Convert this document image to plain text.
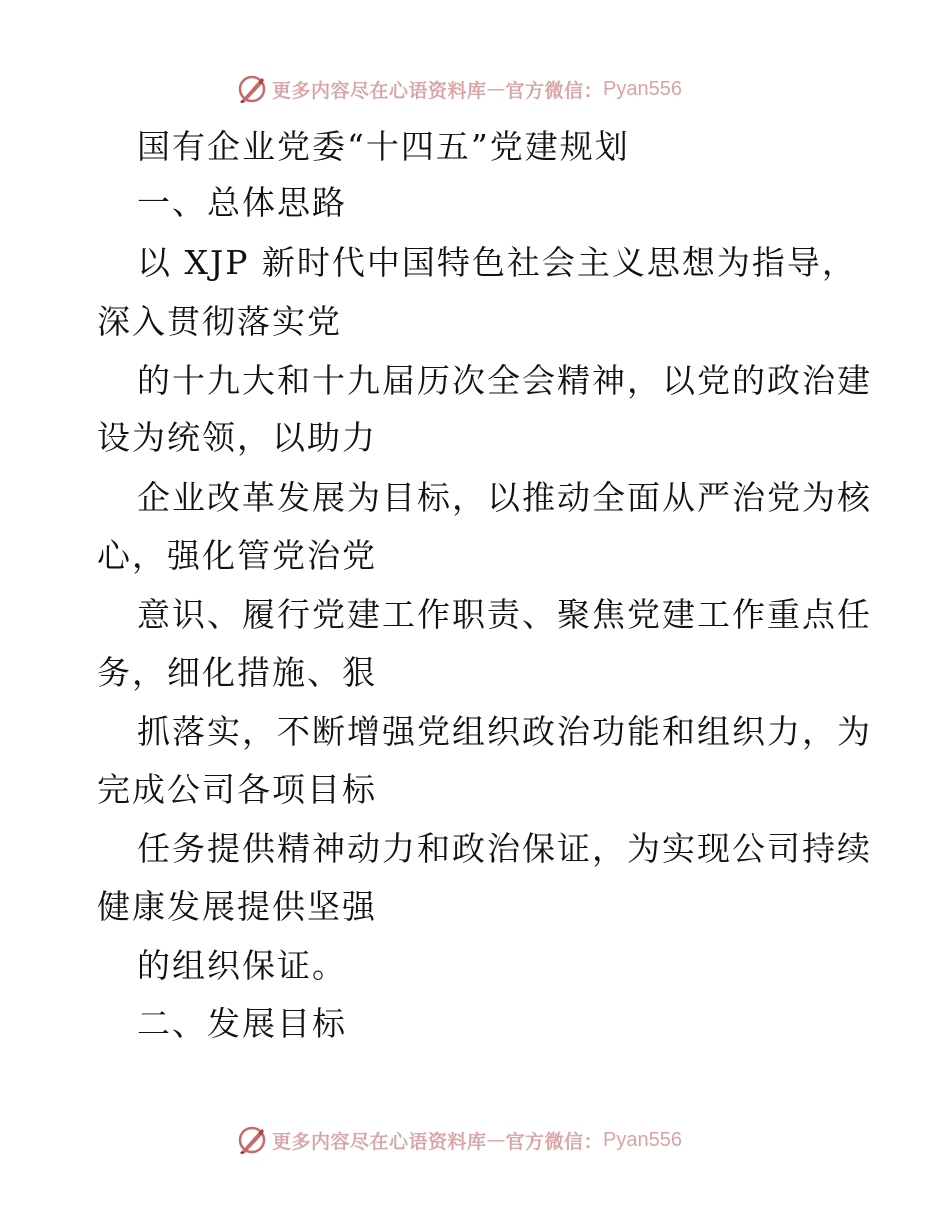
更多内容尽在心语资料库 — 官方微信： Pyan556
国有企业党委“十四五”党建规划
一、总体思路
以 XJP 新时代中国特色社会主义思想为指导，
深入贯彻落实党
的十九大和十九届历次全会精神，以党的政治建
设为统领，以助力
企业改革发展为目标，以推动全面从严治党为核
心，强化管党治党
意识、履行党建工作职责、聚焦党建工作重点任
务，细化措施、狠
抓落实，不断增强党组织政治功能和组织力，为
完成公司各项目标
任务提供精神动力和政治保证，为实现公司持续
健康发展提供坚强
的组织保证。
二、发展目标
更多内容尽在心语资料库 — 官方微信： Pyan556
